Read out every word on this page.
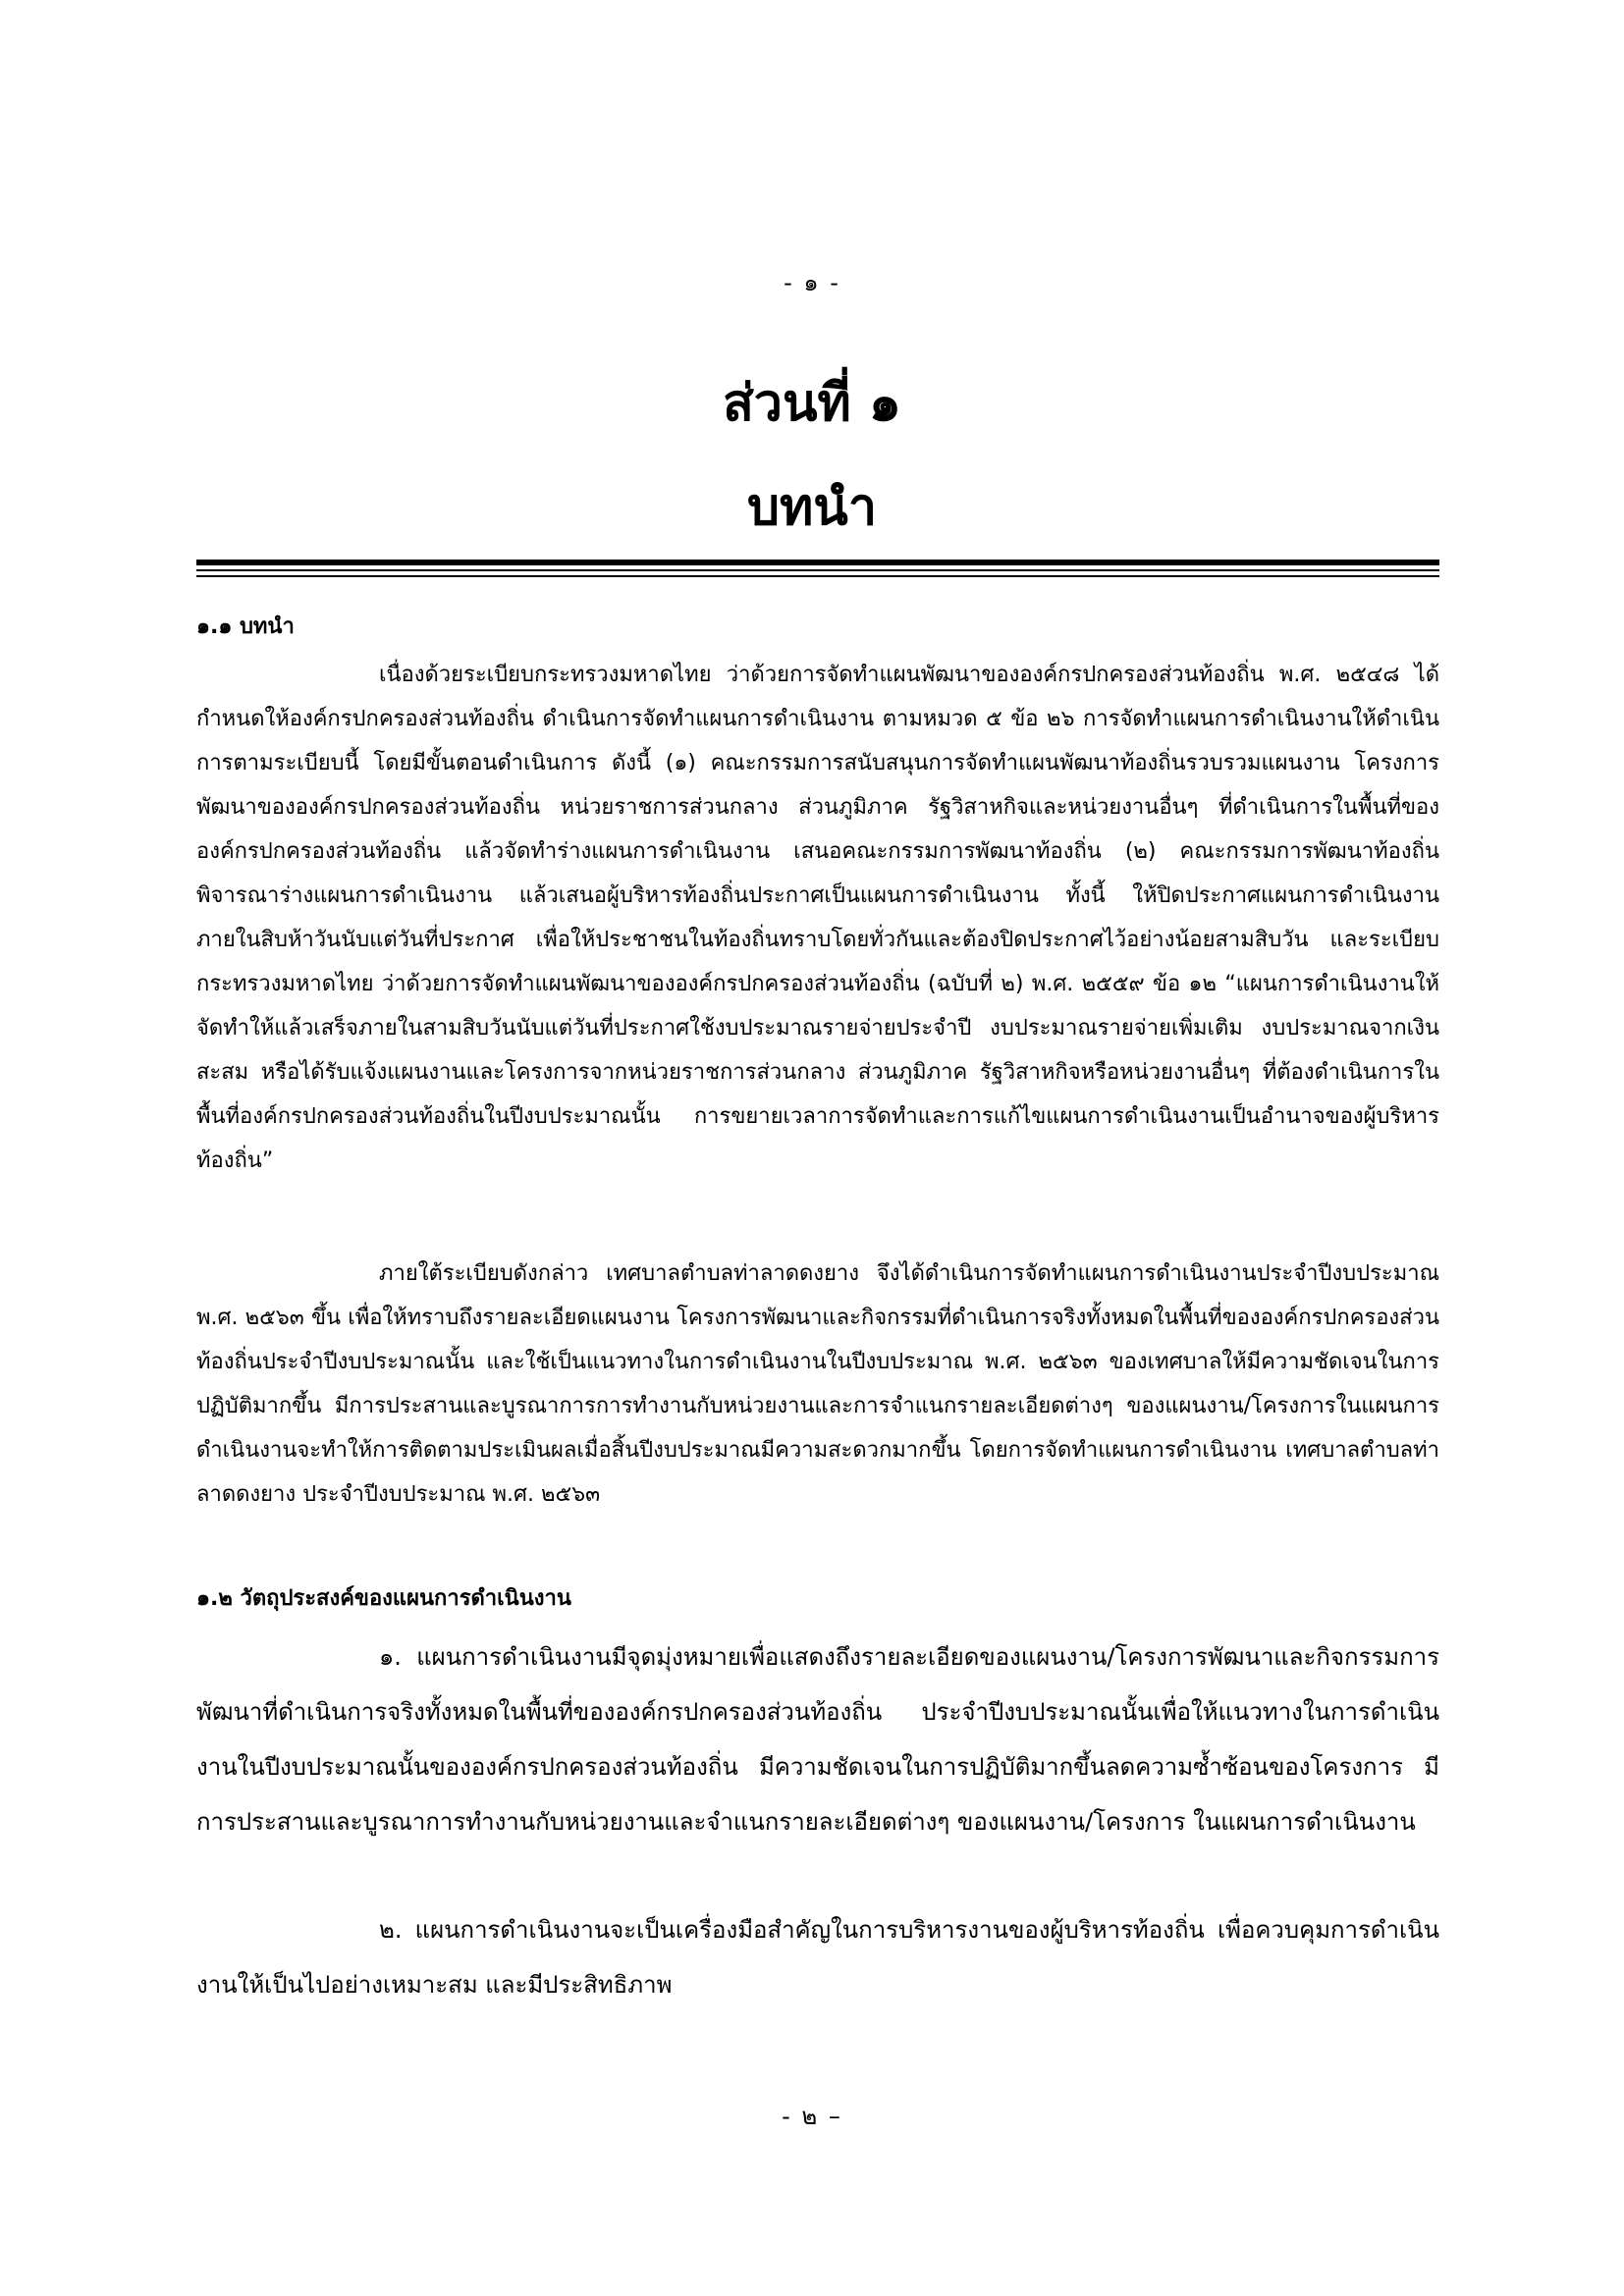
- ๑ -
ส่วนที่ ๑
บทนำ
๑.๑ บทนำ

เนื่องด้วยระเบียบกระทรวงมหาดไทย ว่าด้วยการจัดทำแผนพัฒนาขององค์กรปกครองส่วนท้องถิ่น พ.ศ. ๒๕๔๘ ได้กำหนดให้องค์กรปกครองส่วนท้องถิ่น ดำเนินการจัดทำแผนการดำเนินงาน ตามหมวด ๕ ข้อ ๒๖ การจัดทำแผนการดำเนินงานให้ดำเนินการตามระเบียบนี้ โดยมีขั้นตอนดำเนินการ ดังนี้ (๑) คณะกรรมการสนับสนุนการจัดทำแผนพัฒนาท้องถิ่นรวบรวมแผนงาน โครงการพัฒนาขององค์กรปกครองส่วนท้องถิ่น หน่วยราชการส่วนกลาง ส่วนภูมิภาค รัฐวิสาหกิจและหน่วยงานอื่นๆ ที่ดำเนินการในพื้นที่ขององค์กรปกครองส่วนท้องถิ่น แล้วจัดทำร่างแผนการดำเนินงาน เสนอคณะกรรมการพัฒนาท้องถิ่น (๒) คณะกรรมการพัฒนาท้องถิ่นพิจารณาร่างแผนการดำเนินงาน แล้วเสนอผู้บริหารท้องถิ่นประกาศเป็นแผนการดำเนินงาน ทั้งนี้ ให้ปิดประกาศแผนการดำเนินงานภายในสิบห้าวันนับแต่วันที่ประกาศ เพื่อให้ประชาชนในท้องถิ่นทราบโดยทั่วกันและต้องปิดประกาศไว้อย่างน้อยสามสิบวัน และระเบียบกระทรวงมหาดไทย ว่าด้วยการจัดทำแผนพัฒนาขององค์กรปกครองส่วนท้องถิ่น (ฉบับที่ ๒) พ.ศ. ๒๕๕๙ ข้อ ๑๒ “แผนการดำเนินงานให้จัดทำให้แล้วเสร็จภายในสามสิบวันนับแต่วันที่ประกาศใช้งบประมาณรายจ่ายประจำปี งบประมาณรายจ่ายเพิ่มเติม งบประมาณจากเงินสะสม หรือได้รับแจ้งแผนงานและโครงการจากหน่วยราชการส่วนกลาง ส่วนภูมิภาค รัฐวิสาหกิจหรือหน่วยงานอื่นๆ ที่ต้องดำเนินการในพื้นที่องค์กรปกครองส่วนท้องถิ่นในปีงบประมาณนั้น การขยายเวลาการจัดทำและการแก้ไขแผนการดำเนินงานเป็นอำนาจของผู้บริหารท้องถิ่น”

ภายใต้ระเบียบดังกล่าว เทศบาลตำบลท่าลาดดงยาง จึงได้ดำเนินการจัดทำแผนการดำเนินงานประจำปีงบประมาณ พ.ศ. ๒๕๖๓ ขึ้น เพื่อให้ทราบถึงรายละเอียดแผนงาน โครงการพัฒนาและกิจกรรมที่ดำเนินการจริงทั้งหมดในพื้นที่ขององค์กรปกครองส่วนท้องถิ่นประจำปีงบประมาณนั้น และใช้เป็นแนวทางในการดำเนินงานในปีงบประมาณ พ.ศ. ๒๕๖๓ ของเทศบาลให้มีความชัดเจนในการปฏิบัติมากขึ้น มีการประสานและบูรณาการการทำงานกับหน่วยงานและการจำแนกรายละเอียดต่างๆ ของแผนงาน/โครงการในแผนการดำเนินงานจะทำให้การติดตามประเมินผลเมื่อสิ้นปีงบประมาณมีความสะดวกมากขึ้น โดยการจัดทำแผนการดำเนินงาน เทศบาลตำบลท่าลาดดงยาง ประจำปีงบประมาณ พ.ศ. ๒๕๖๓

๑.๒ วัตถุประสงค์ของแผนการดำเนินงาน

๑. แผนการดำเนินงานมีจุดมุ่งหมายเพื่อแสดงถึงรายละเอียดของแผนงาน/โครงการพัฒนาและกิจกรรมการพัฒนาที่ดำเนินการจริงทั้งหมดในพื้นที่ขององค์กรปกครองส่วนท้องถิ่น ประจำปีงบประมาณนั้นเพื่อให้แนวทางในการดำเนินงานในปีงบประมาณนั้นขององค์กรปกครองส่วนท้องถิ่น มีความชัดเจนในการปฏิบัติมากขึ้นลดความซ้ำซ้อนของโครงการ มีการประสานและบูรณาการทำงานกับหน่วยงานและจำแนกรายละเอียดต่างๆ ของแผนงาน/โครงการ ในแผนการดำเนินงาน

๒. แผนการดำเนินงานจะเป็นเครื่องมือสำคัญในการบริหารงานของผู้บริหารท้องถิ่น เพื่อควบคุมการดำเนินงานให้เป็นไปอย่างเหมาะสม และมีประสิทธิภาพ

- ๒ –
